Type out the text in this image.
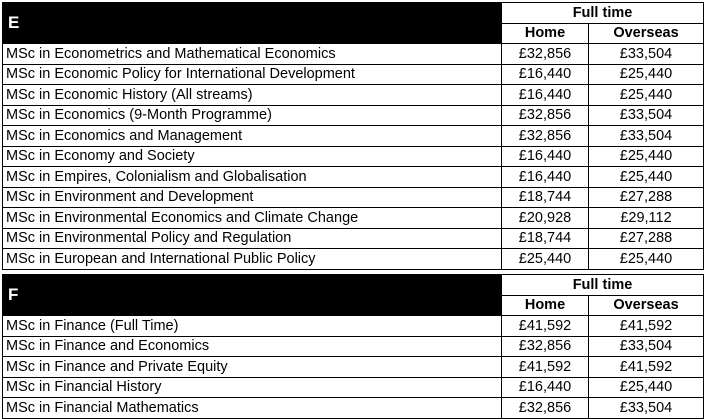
E	Full time	
	Home	Overseas
MSc in Econometrics and Mathematical Economics	£32,856	£33,504
MSc in Economic Policy for International Development	£16,440	£25,440
MSc in Economic History (All streams)	£16,440	£25,440
MSc in Economics (9-Month Programme)	£32,856	£33,504
MSc in Economics and Management	£32,856	£33,504
MSc in Economy and Society	£16,440	£25,440
MSc in Empires, Colonialism and Globalisation	£16,440	£25,440
MSc in Environment and Development	£18,744	£27,288
MSc in Environmental Economics and Climate Change	£20,928	£29,112
MSc in Environmental Policy and Regulation	£18,744	£27,288
MSc in European and International Public Policy	£25,440	£25,440
F	Full time	
	Home	Overseas
MSc in Finance (Full Time)	£41,592	£41,592
MSc in Finance and Economics	£32,856	£33,504
MSc in Finance and Private Equity	£41,592	£41,592
MSc in Financial History	£16,440	£25,440
MSc in Financial Mathematics	£32,856	£33,504
